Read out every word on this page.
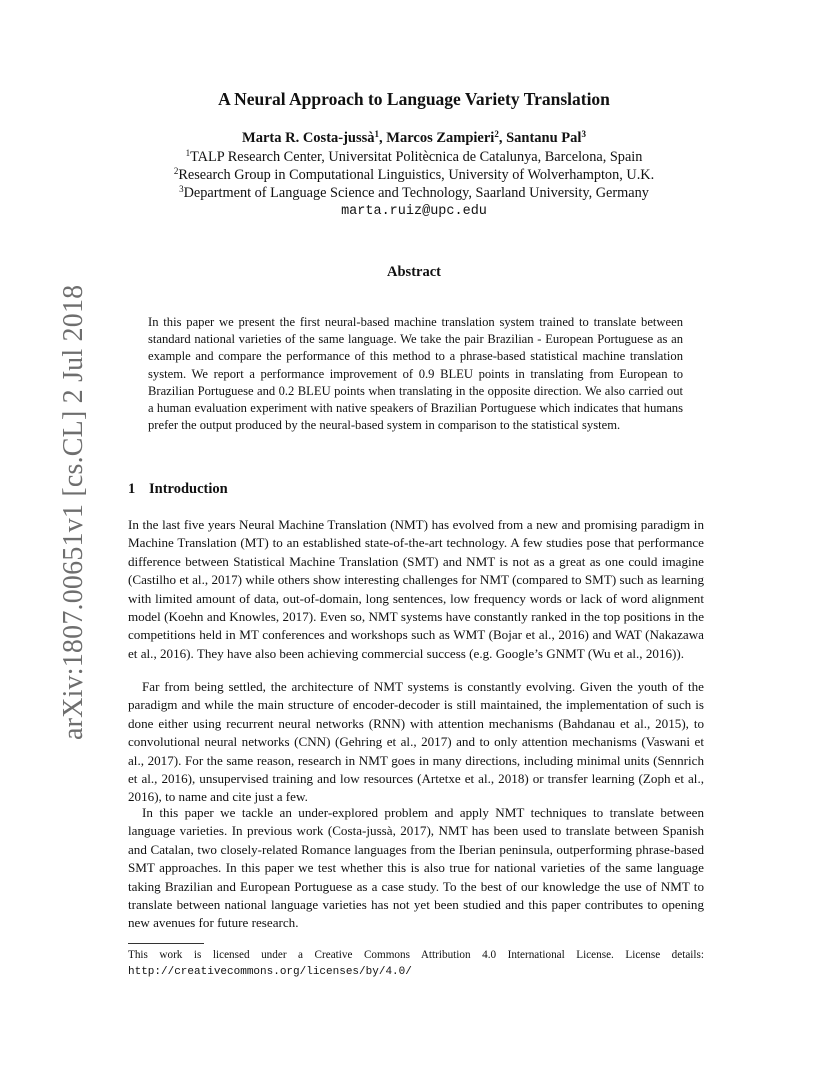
arXiv:1807.00651v1 [cs.CL] 2 Jul 2018
A Neural Approach to Language Variety Translation
Marta R. Costa-jussà$^1$, Marcos Zampieri$^2$, Santanu Pal$^3$
$^1$TALP Research Center, Universitat Politècnica de Catalunya, Barcelona, Spain
$^2$Research Group in Computational Linguistics, University of Wolverhampton, U.K.
$^3$Department of Language Science and Technology, Saarland University, Germany
marta.ruiz@upc.edu
Abstract

In this paper we present the first neural-based machine translation system trained to translate between standard national varieties of the same language. We take the pair Brazilian - European Portuguese as an example and compare the performance of this method to a phrase-based statistical machine translation system. We report a performance improvement of 0.9 BLEU points in translating from European to Brazilian Portuguese and 0.2 BLEU points when translating in the opposite direction. We also carried out a human evaluation experiment with native speakers of Brazilian Portuguese which indicates that humans prefer the output produced by the neural-based system in comparison to the statistical system.

1 Introduction

In the last five years Neural Machine Translation (NMT) has evolved from a new and promising paradigm in Machine Translation (MT) to an established state-of-the-art technology. A few studies pose that performance difference between Statistical Machine Translation (SMT) and NMT is not as a great as one could imagine (Castilho et al., 2017) while others show interesting challenges for NMT (compared to SMT) such as learning with limited amount of data, out-of-domain, long sentences, low frequency words or lack of word alignment model (Koehn and Knowles, 2017). Even so, NMT systems have constantly ranked in the top positions in the competitions held in MT conferences and workshops such as WMT (Bojar et al., 2016) and WAT (Nakazawa et al., 2016). They have also been achieving commercial success (e.g. Google’s GNMT (Wu et al., 2016)).

Far from being settled, the architecture of NMT systems is constantly evolving. Given the youth of the paradigm and while the main structure of encoder-decoder is still maintained, the implementation of such is done either using recurrent neural networks (RNN) with attention mechanisms (Bahdanau et al., 2015), to convolutional neural networks (CNN) (Gehring et al., 2017) and to only attention mechanisms (Vaswani et al., 2017). For the same reason, research in NMT goes in many directions, including minimal units (Sennrich et al., 2016), unsupervised training and low resources (Artetxe et al., 2018) or transfer learning (Zoph et al., 2016), to name and cite just a few.

In this paper we tackle an under-explored problem and apply NMT techniques to translate between language varieties. In previous work (Costa-jussà, 2017), NMT has been used to translate between Spanish and Catalan, two closely-related Romance languages from the Iberian peninsula, outperforming phrase-based SMT approaches. In this paper we test whether this is also true for national varieties of the same language taking Brazilian and European Portuguese as a case study. To the best of our knowledge the use of NMT to translate between national language varieties has not yet been studied and this paper contributes to opening new avenues for future research.

This work is licensed under a Creative Commons Attribution 4.0 International License. License details: http://creativecommons.org/licenses/by/4.0/
